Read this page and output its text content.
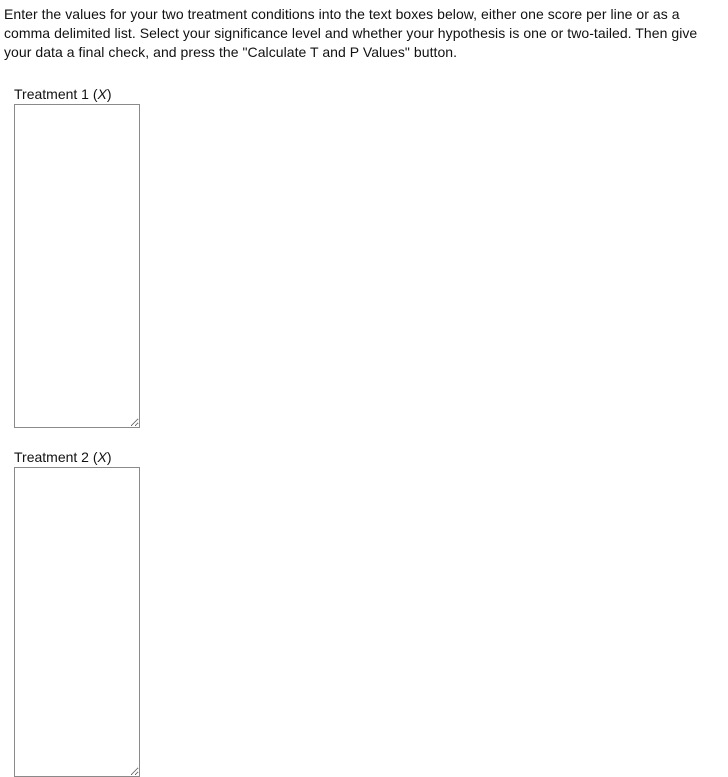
Enter the values for your two treatment conditions into the text boxes below, either one score per line or as a comma delimited list. Select your significance level and whether your hypothesis is one or two-tailed. Then give your data a final check, and press the "Calculate T and P Values" button.

Treatment 1 (X)
Treatment 2 (X)
